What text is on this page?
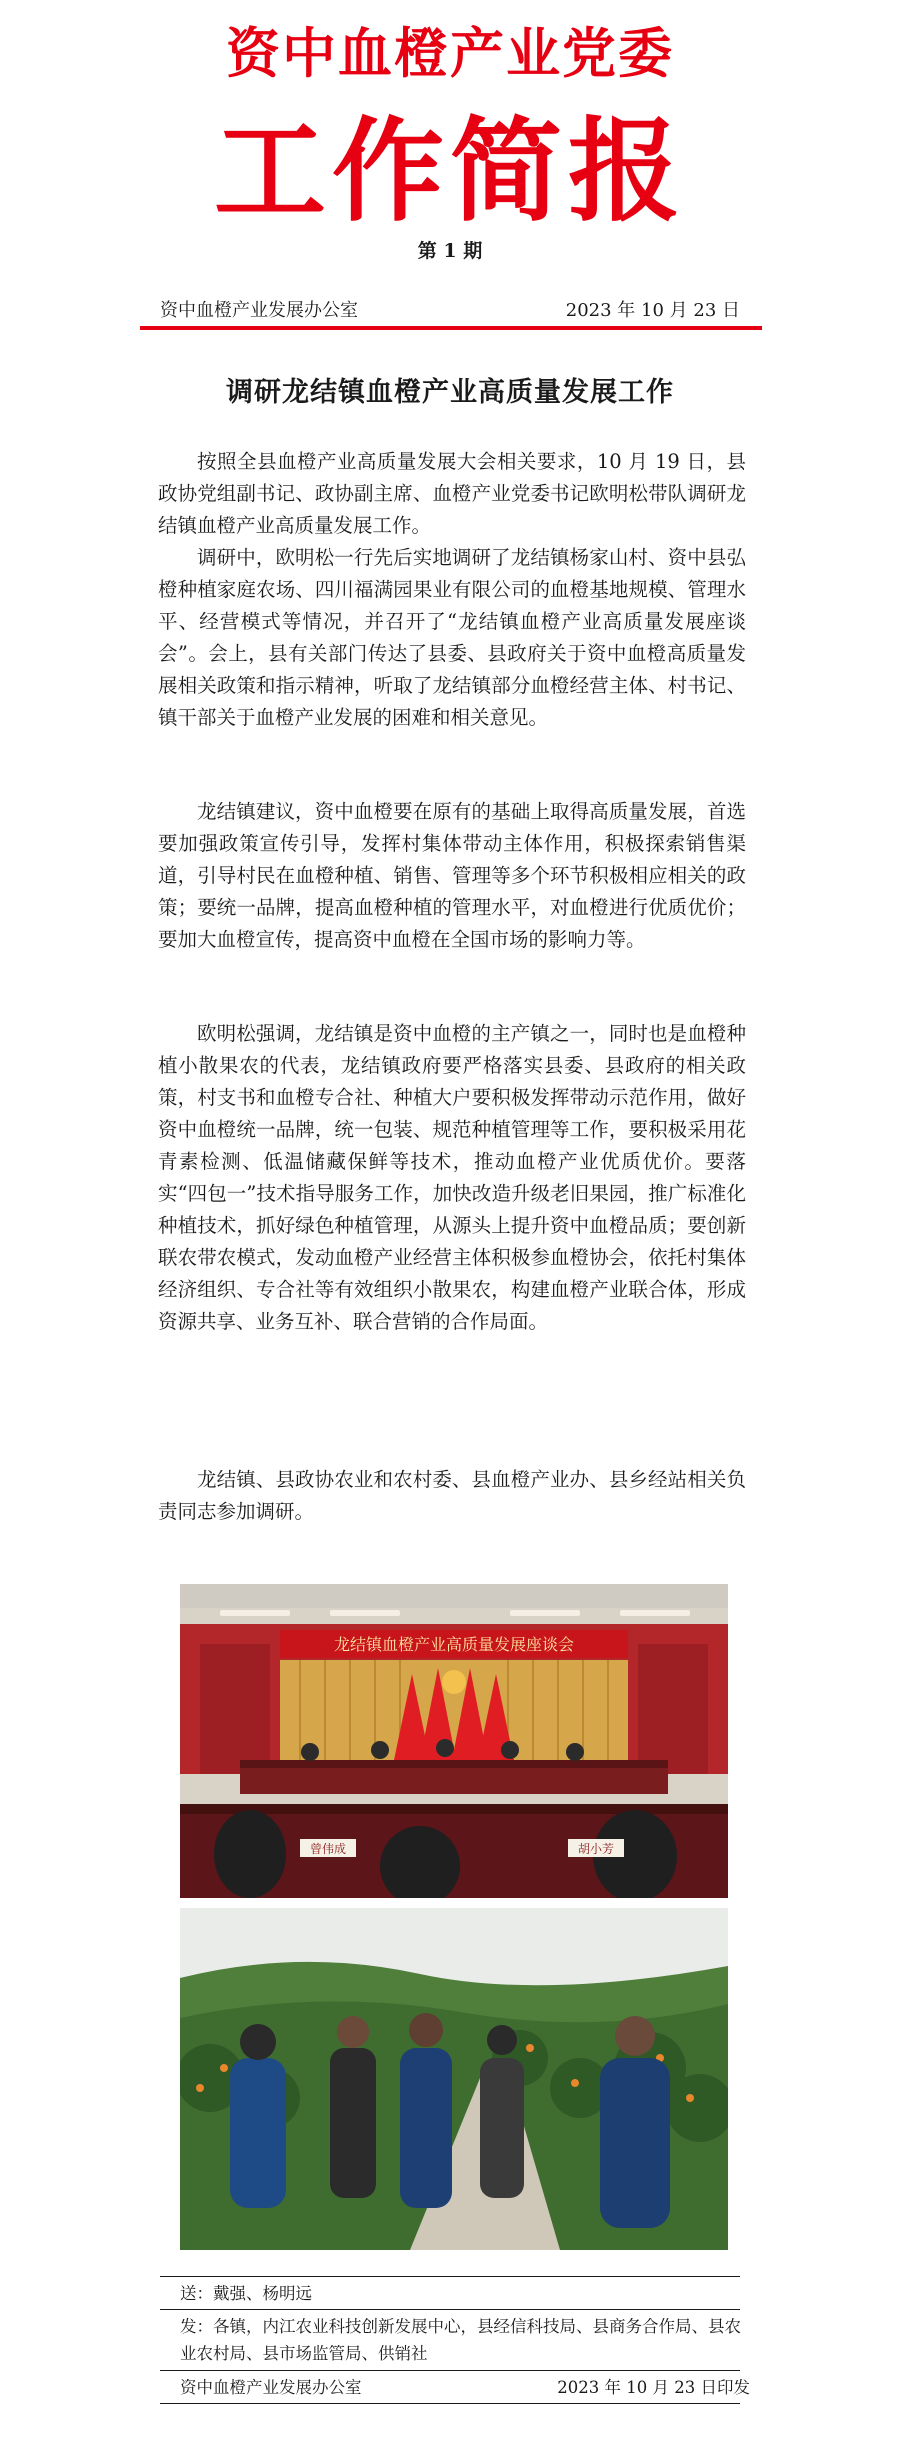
资中血橙产业党委
工作简报
第 1 期
资中血橙产业发展办公室	2023 年 10 月 23 日
调研龙结镇血橙产业高质量发展工作

按照全县血橙产业高质量发展大会相关要求，10 月 19 日，县政协党组副书记、政协副主席、血橙产业党委书记欧明松带队调研龙结镇血橙产业高质量发展工作。

调研中，欧明松一行先后实地调研了龙结镇杨家山村、资中县弘橙种植家庭农场、四川福满园果业有限公司的血橙基地规模、管理水平、经营模式等情况，并召开了“龙结镇血橙产业高质量发展座谈会”。会上，县有关部门传达了县委、县政府关于资中血橙高质量发展相关政策和指示精神，听取了龙结镇部分血橙经营主体、村书记、镇干部关于血橙产业发展的困难和相关意见。

龙结镇建议，资中血橙要在原有的基础上取得高质量发展，首选要加强政策宣传引导，发挥村集体带动主体作用，积极探索销售渠道，引导村民在血橙种植、销售、管理等多个环节积极相应相关的政策；要统一品牌，提高血橙种植的管理水平，对血橙进行优质优价；要加大血橙宣传，提高资中血橙在全国市场的影响力等。

欧明松强调，龙结镇是资中血橙的主产镇之一，同时也是血橙种植小散果农的代表，龙结镇政府要严格落实县委、县政府的相关政策，村支书和血橙专合社、种植大户要积极发挥带动示范作用，做好资中血橙统一品牌，统一包装、规范种植管理等工作，要积极采用花青素检测、低温储藏保鲜等技术，推动血橙产业优质优价。要落实“四包一”技术指导服务工作，加快改造升级老旧果园，推广标准化种植技术，抓好绿色种植管理，从源头上提升资中血橙品质；要创新联农带农模式，发动血橙产业经营主体积极参血橙协会，依托村集体经济组织、专合社等有效组织小散果农，构建血橙产业联合体，形成资源共享、业务互补、联合营销的合作局面。

龙结镇、县政协农业和农村委、县血橙产业办、县乡经站相关负责同志参加调研。

龙结镇血橙产业高质量发展座谈会
曾伟成	胡小芳
送：戴强、杨明远
发：各镇，内江农业科技创新发展中心，县经信科技局、县商务合作局、县农业农村局、县市场监管局、供销社
资中血橙产业发展办公室	2023 年 10 月 23 日印发
